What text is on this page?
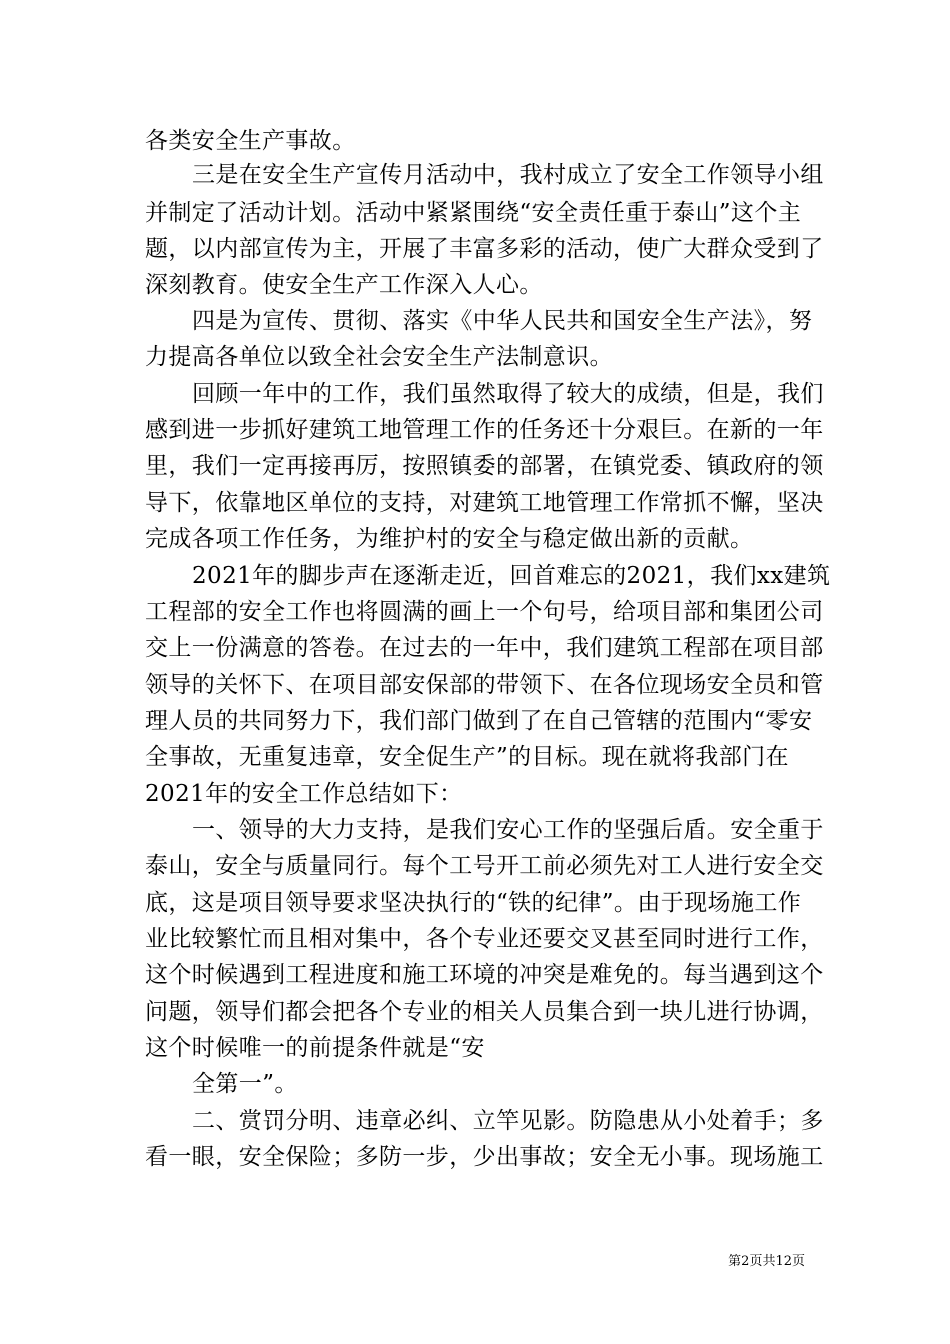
各类安全生产事故。
三是在安全生产宣传月活动中，我村成立了安全工作领导小组
并制定了活动计划。活动中紧紧围绕“安全责任重于泰山”这个主
题，以内部宣传为主，开展了丰富多彩的活动，使广大群众受到了
深刻教育。使安全生产工作深入人心。
四是为宣传、贯彻、落实《中华人民共和国安全生产法》，努
力提高各单位以致全社会安全生产法制意识。
回顾一年中的工作，我们虽然取得了较大的成绩，但是，我们
感到进一步抓好建筑工地管理工作的任务还十分艰巨。在新的一年
里，我们一定再接再厉，按照镇委的部署，在镇党委、镇政府的领
导下，依靠地区单位的支持，对建筑工地管理工作常抓不懈，坚决
完成各项工作任务，为维护村的安全与稳定做出新的贡献。
2021年的脚步声在逐渐走近，回首难忘的2021，我们xx建筑
工程部的安全工作也将圆满的画上一个句号，给项目部和集团公司
交上一份满意的答卷。在过去的一年中，我们建筑工程部在项目部
领导的关怀下、在项目部安保部的带领下、在各位现场安全员和管
理人员的共同努力下，我们部门做到了在自己管辖的范围内“零安
全事故，无重复违章，安全促生产”的目标。现在就将我部门在
2021年的安全工作总结如下：
一、领导的大力支持，是我们安心工作的坚强后盾。安全重于
泰山，安全与质量同行。每个工号开工前必须先对工人进行安全交
底，这是项目领导要求坚决执行的“铁的纪律”。由于现场施工作
业比较繁忙而且相对集中，各个专业还要交叉甚至同时进行工作，
这个时候遇到工程进度和施工环境的冲突是难免的。每当遇到这个
问题，领导们都会把各个专业的相关人员集合到一块儿进行协调，
这个时候唯一的前提条件就是“安
全第一”。
二、赏罚分明、违章必纠、立竿见影。防隐患从小处着手；多
看一眼，安全保险；多防一步，少出事故；安全无小事。现场施工
第2页共12页
